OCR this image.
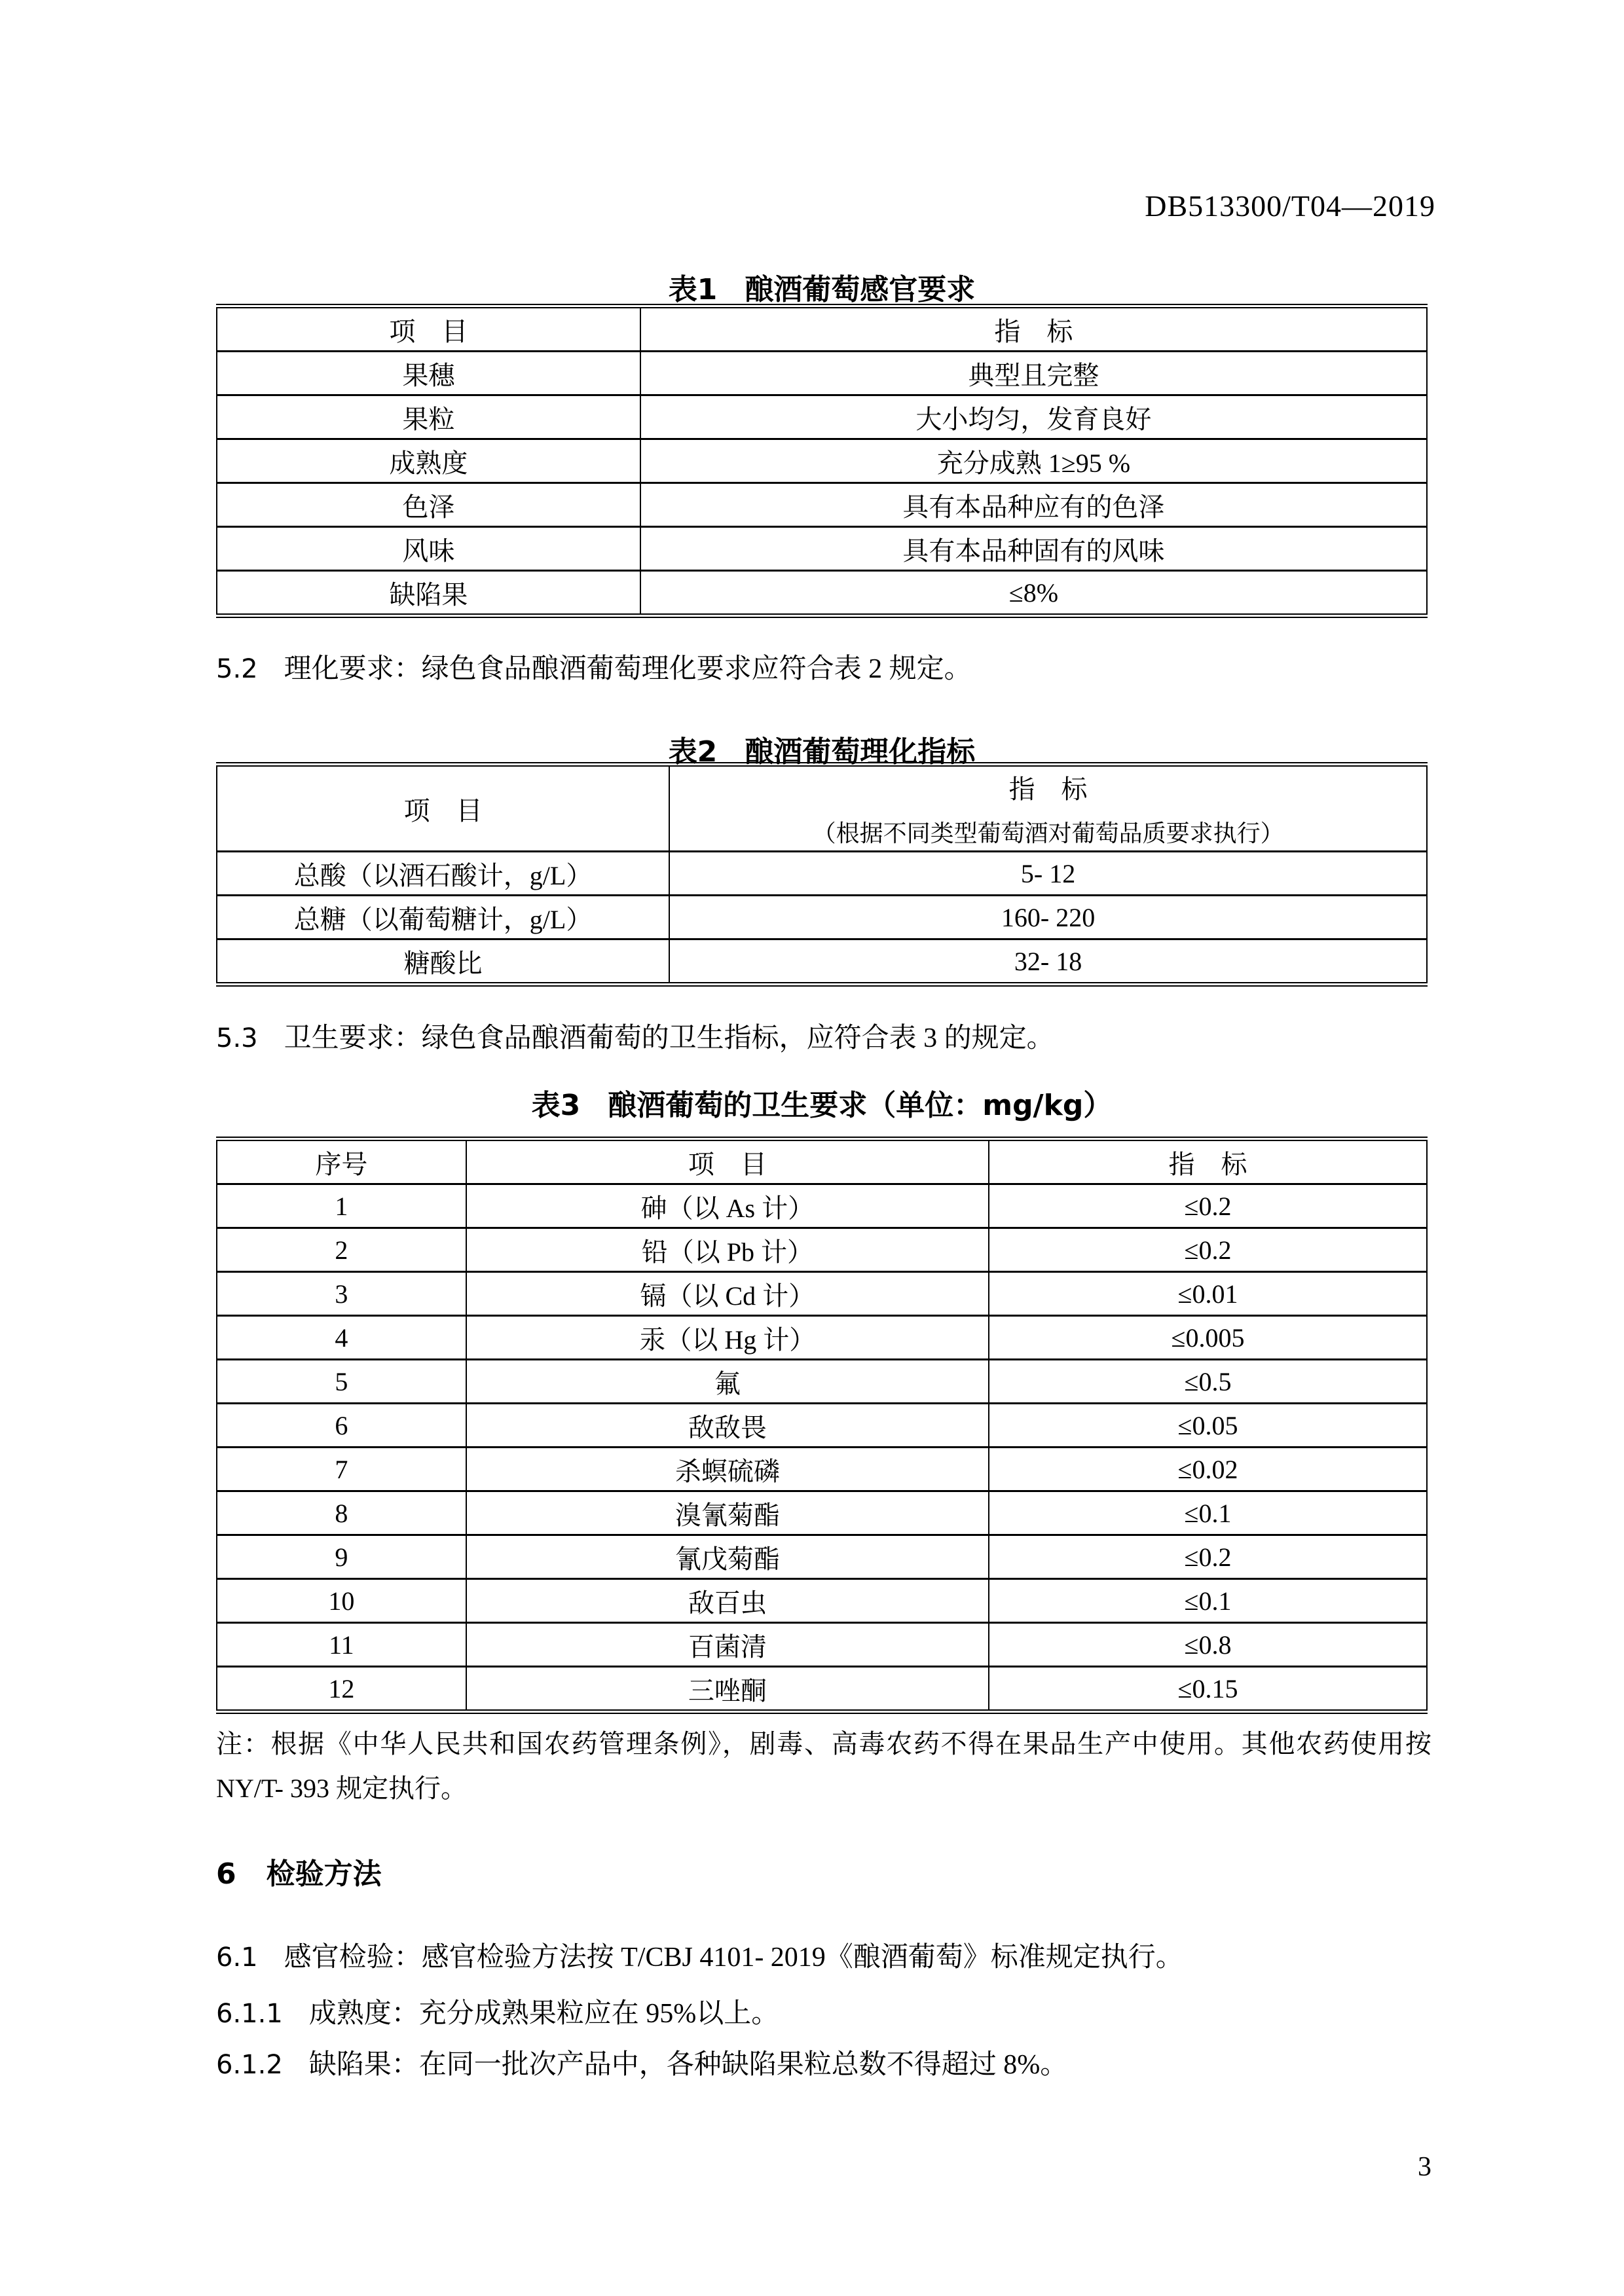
DB513300/T04—2019
表1 酿酒葡萄感官要求
项　目	指　标
果穗	典型且完整
果粒	大小均匀，发育良好
成熟度	充分成熟 1≥95 %
色泽	具有本品种应有的色泽
风味	具有本品种固有的风味
缺陷果	≤8%
5.2 理化要求：绿色食品酿酒葡萄理化要求应符合表 2 规定。
表2 酿酒葡萄理化指标
项　目	指　标
（根据不同类型葡萄酒对葡萄品质要求执行）

总酸（以酒石酸计，g/L）	5- 12
总糖（以葡萄糖计，g/L）	160- 220
糖酸比	32- 18
5.3 卫生要求：绿色食品酿酒葡萄的卫生指标，应符合表 3 的规定。
表3 酿酒葡萄的卫生要求（单位：mg/kg）
序号	项　目	指　标
1	砷（以 As 计）	≤0.2
2	铅（以 Pb 计）	≤0.2
3	镉（以 Cd 计）	≤0.01
4	汞（以 Hg 计）	≤0.005
5	氟	≤0.5
6	敌敌畏	≤0.05
7	杀螟硫磷	≤0.02
8	溴氰菊酯	≤0.1
9	氰戊菊酯	≤0.2
10	敌百虫	≤0.1
11	百菌清	≤0.8
12	三唑酮	≤0.15
注：根据《中华人民共和国农药管理条例》，剧毒、高毒农药不得在果品生产中使用。其他农药使用按 NY/T- 393 规定执行。
6 检验方法
6.1 感官检验：感官检验方法按 T/CBJ 4101- 2019《酿酒葡萄》标准规定执行。
6.1.1 成熟度：充分成熟果粒应在 95%以上。
6.1.2 缺陷果：在同一批次产品中，各种缺陷果粒总数不得超过 8%。
3
